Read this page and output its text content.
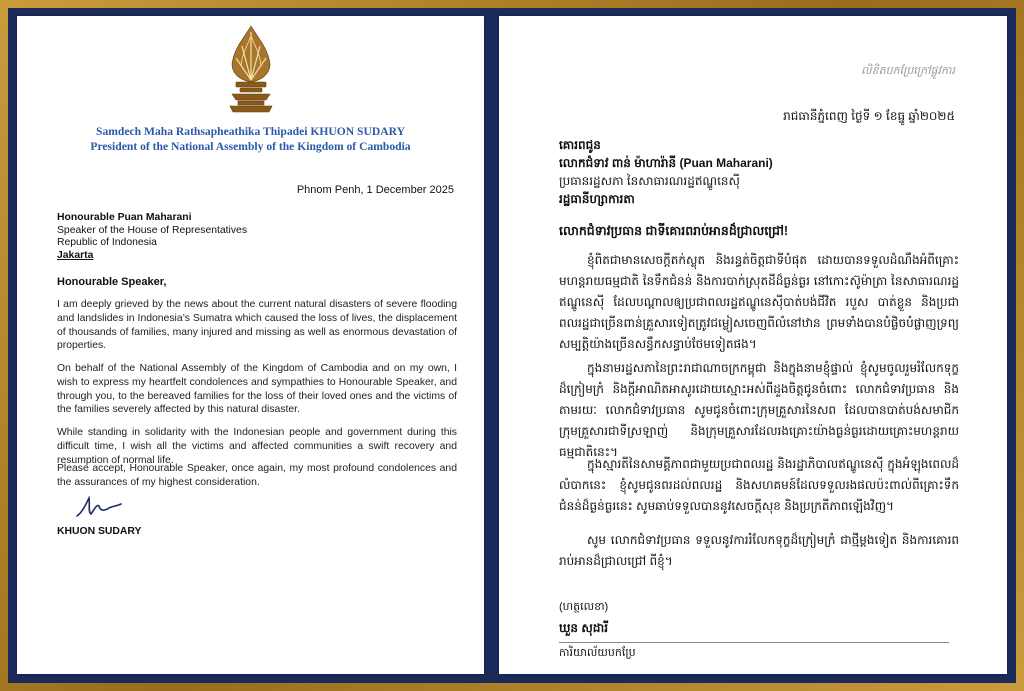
Samdech Maha Rathsapheathika Thipadei KHUON SUDARY
President of the National Assembly of the Kingdom of Cambodia
Phnom Penh, 1 December 2025
Honourable Puan Maharani
Speaker of the House of Representatives
Republic of Indonesia
Jakarta
Honourable Speaker,
I am deeply grieved by the news about the current natural disasters of severe flooding and landslides in Indonesia’s Sumatra which caused the loss of lives, the displacement of thousands of families, many injured and missing as well as enormous devastation of properties.
On behalf of the National Assembly of the Kingdom of Cambodia and on my own, I wish to express my heartfelt condolences and sympathies to Honourable Speaker, and through you, to the bereaved families for the loss of their loved ones and the victims of the families severely affected by this natural disaster.
While standing in solidarity with the Indonesian people and government during this difficult time, I wish all the victims and affected communities a swift recovery and resumption of normal life.
Please accept, Honourable Speaker, once again, my most profound condolences and the assurances of my highest consideration.
KHUON SUDARY
លិខិតបកប្រែក្រៅផ្លូវការ
រាជធានីភ្នំពេញ ថ្ងៃទី ១ ខែធ្នូ ឆ្នាំ២០២៥
គោរពជូន
លោកជំទាវ ពាន់ ម៉ាហារ៉ានី (Puan Maharani)
ប្រធានរដ្ឋសភា នៃសាធារណរដ្ឋឥណ្ឌូនេស៊ី
រដ្ឋធានីហ្សាការតា
លោកជំទាវប្រធាន ជាទីគោរពរាប់អានដ៏ជ្រាលជ្រៅ!
ខ្ញុំពិតជាមានសេចក្តីតក់ស្លុត និងរន្ធត់ចិត្តជាទីបំផុត ដោយបានទទួលដំណឹងអំពីគ្រោះមហន្តរាយធម្មជាតិ នៃទឹកជំនន់ និងការបាក់ស្រុតដីដ៏ធ្ងន់ធ្ងរ នៅកោះស៊ូម៉ាត្រា នៃសាធារណរដ្ឋឥណ្ឌូនេស៊ី ដែលបណ្តាលឲ្យប្រជាពលរដ្ឋឥណ្ឌូនេស៊ីបាត់បង់ជីវិត របួស បាត់ខ្លួន និងប្រជាពលរដ្ឋជាច្រើនពាន់គ្រួសារទៀតត្រូវជម្លៀសចេញពីលំនៅឋាន ព្រមទាំងបានបំផ្លិចបំផ្លាញទ្រព្យសម្បត្តិយ៉ាងច្រើនសន្ធឹកសន្ធាប់ថែមទៀតផង។
ក្នុងនាមរដ្ឋសភានៃព្រះរាជាណាចក្រកម្ពុជា និងក្នុងនាមខ្ញុំផ្ទាល់ ខ្ញុំសូមចូលរួមរំលែកទុក្ខដ៏ក្រៀមក្រំ និងក្តីអាណិតអាសូរដោយស្មោះអស់ពីដួងចិត្តជូនចំពោះ លោកជំទាវប្រធាន និងតាមរយៈ លោកជំទាវប្រធាន សូមជូនចំពោះក្រុមគ្រួសារនៃសព ដែលបានបាត់បង់សមាជិកក្រុមគ្រួសារជាទីស្រឡាញ់ និងក្រុមគ្រួសារដែលរងគ្រោះយ៉ាងធ្ងន់ធ្ងរដោយគ្រោះមហន្តរាយធម្មជាតិនេះ។
ក្នុងស្មារតីនៃសាមគ្គីភាពជាមួយប្រជាពលរដ្ឋ និងរដ្ឋាភិបាលឥណ្ឌូនេស៊ី ក្នុងអំឡុងពេលដ៏លំបាកនេះ ខ្ញុំសូមជូនពរដល់ពលរដ្ឋ និងសហគមន៍ដែលទទួលរងផលប៉ះពាល់ពីគ្រោះទឹកជំនន់ដ៏ធ្ងន់ធ្ងរនេះ សូមឆាប់ទទួលបាននូវសេចក្តីសុខ និងប្រក្រតីភាពឡើងវិញ។
សូម លោកជំទាវប្រធាន ទទួលនូវការរំលែកទុក្ខដ៏ក្រៀមក្រំ ជាថ្មីម្តងទៀត និងការគោរពរាប់អានដ៏ជ្រាលជ្រៅ ពីខ្ញុំ។
(ហត្ថលេខា)
ឃួន សុដារី
ការិយាល័យបកប្រែ
